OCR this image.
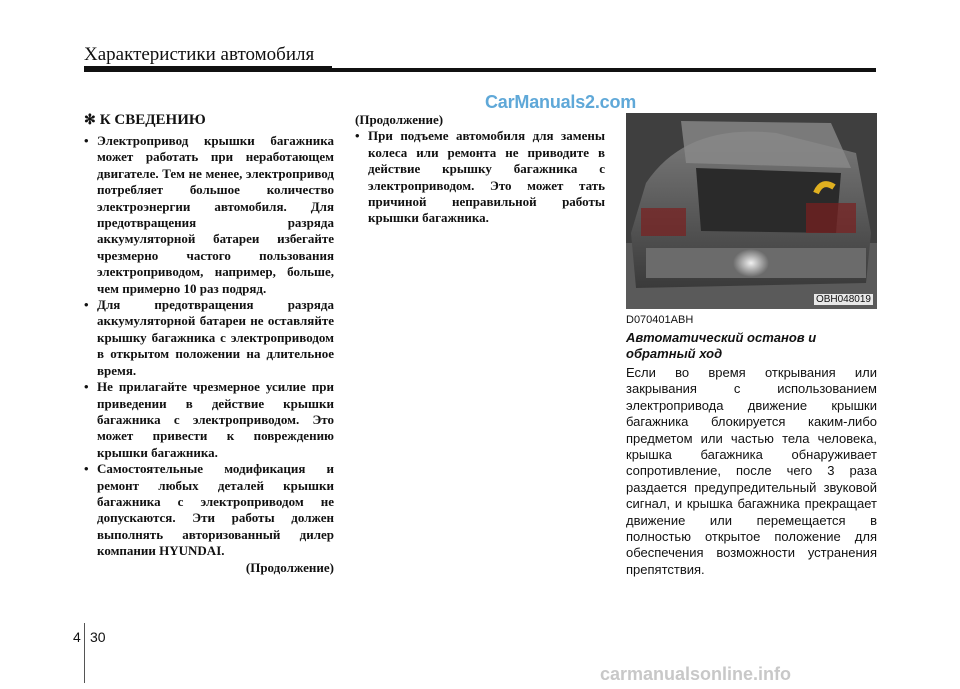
Характеристики автомобиля
CarManuals2.com
✻ К СВЕДЕНИЮ
• Электропривод крышки багажника может работать при неработающем двигателе. Тем не менее, электропривод потребляет большое количество электроэнергии автомобиля. Для предотвращения разряда аккумуляторной батареи избегайте чрезмерно частого пользования электроприводом, например, больше, чем примерно 10 раз подряд.
• Для предотвращения разряда аккумуляторной батареи не оставляйте крышку багажника с электроприводом в открытом положении на длительное время.
• Не прилагайте чрезмерное усилие при приведении в действие крышки багажника с электроприводом. Это может привести к повреждению крышки багажника.
• Самостоятельные модификация и ремонт любых деталей крышки багажника с электроприводом не допускаются. Эти работы должен выполнять авторизованный дилер компании HYUNDAI.
(Продолжение)
(Продолжение)
• При подъеме автомобиля для замены колеса или ремонта не приводите в действие крышку багажника с электроприводом. Это может тать причиной неправильной работы крышки багажника.
OBH048019
D070401ABH
Автоматический останов и обратный ход
Если во время открывания или закрывания с использованием электропривода движение крышки багажника блокируется каким-либо предметом или частью тела человека, крышка багажника обнаруживает сопротивление, после чего 3 раза раздается предупредительный звуковой сигнал, и крышка багажника прекращает движение или перемещается в полностью открытое положение для обеспечения возможности устранения препятствия.
4 30
carmanualsonline.info
